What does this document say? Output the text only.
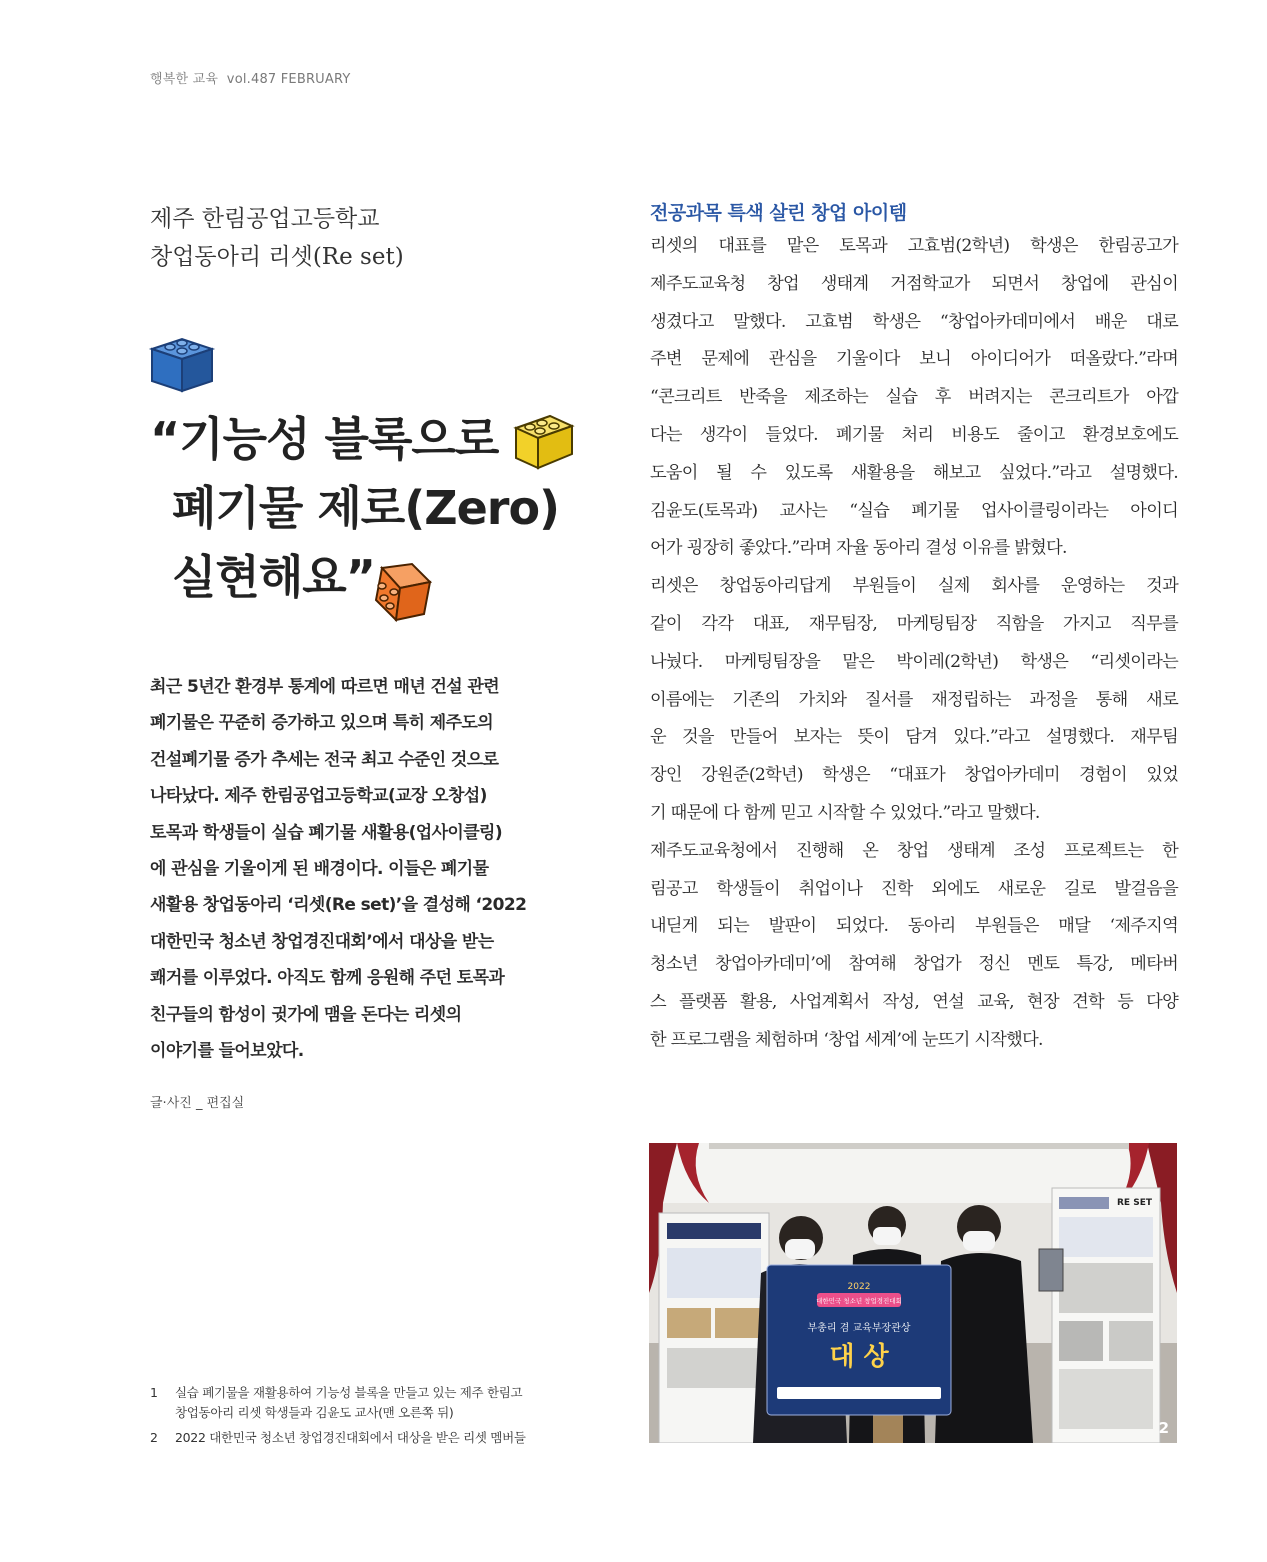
행복한 교육 vol.487 FEBRUARY
제주 한림공업고등학교
창업동아리 리셋(Re set)
“기능성 블록으로
폐기물 제로(Zero)
실현해요”
최근 5년간 환경부 통계에 따르면 매년 건설 관련
폐기물은 꾸준히 증가하고 있으며 특히 제주도의
건설폐기물 증가 추세는 전국 최고 수준인 것으로
나타났다. 제주 한림공업고등학교(교장 오창섭)
토목과 학생들이 실습 폐기물 새활용(업사이클링)
에 관심을 기울이게 된 배경이다. 이들은 폐기물
새활용 창업동아리 ‘리셋(Re set)’을 결성해 ‘2022
대한민국 청소년 창업경진대회’에서 대상을 받는
쾌거를 이루었다. 아직도 함께 응원해 주던 토목과
친구들의 함성이 귓가에 맴을 돈다는 리셋의
이야기를 들어보았다.
글·사진 _ 편집실
1	실습 폐기물을 재활용하여 기능성 블록을 만들고 있는 제주 한림고
창업동아리 리셋 학생들과 김윤도 교사(맨 오른쪽 뒤)
2	2022 대한민국 청소년 창업경진대회에서 대상을 받은 리셋 멤버들
전공과목 특색 살린 창업 아이템
리셋의 대표를 맡은 토목과 고효범(2학년) 학생은 한림공고가
제주도교육청 창업 생태계 거점학교가 되면서 창업에 관심이
생겼다고 말했다. 고효범 학생은 “창업아카데미에서 배운 대로
주변 문제에 관심을 기울이다 보니 아이디어가 떠올랐다.”라며
“콘크리트 반죽을 제조하는 실습 후 버려지는 콘크리트가 아깝
다는 생각이 들었다. 폐기물 처리 비용도 줄이고 환경보호에도
도움이 될 수 있도록 새활용을 해보고 싶었다.”라고 설명했다.
김윤도(토목과) 교사는 “실습 폐기물 업사이클링이라는 아이디
어가 굉장히 좋았다.”라며 자율 동아리 결성 이유를 밝혔다.
리셋은 창업동아리답게 부원들이 실제 회사를 운영하는 것과
같이 각각 대표, 재무팀장, 마케팅팀장 직함을 가지고 직무를
나눴다. 마케팅팀장을 맡은 박이레(2학년) 학생은 “리셋이라는
이름에는 기존의 가치와 질서를 재정립하는 과정을 통해 새로
운 것을 만들어 보자는 뜻이 담겨 있다.”라고 설명했다. 재무팀
장인 강원준(2학년) 학생은 “대표가 창업아카데미 경험이 있었
기 때문에 다 함께 믿고 시작할 수 있었다.”라고 말했다.
제주도교육청에서 진행해 온 창업 생태계 조성 프로젝트는 한
림공고 학생들이 취업이나 진학 외에도 새로운 길로 발걸음을
내딛게 되는 발판이 되었다. 동아리 부원들은 매달 ‘제주지역
청소년 창업아카데미’에 참여해 창업가 정신 멘토 특강, 메타버
스 플랫폼 활용, 사업계획서 작성, 연설 교육, 현장 견학 등 다양
한 프로그램을 체험하며 ‘창업 세계’에 눈뜨기 시작했다.
RE SET
2022
대한민국 청소년 창업경진대회
부총리 겸 교육부장관상
대 상
2
